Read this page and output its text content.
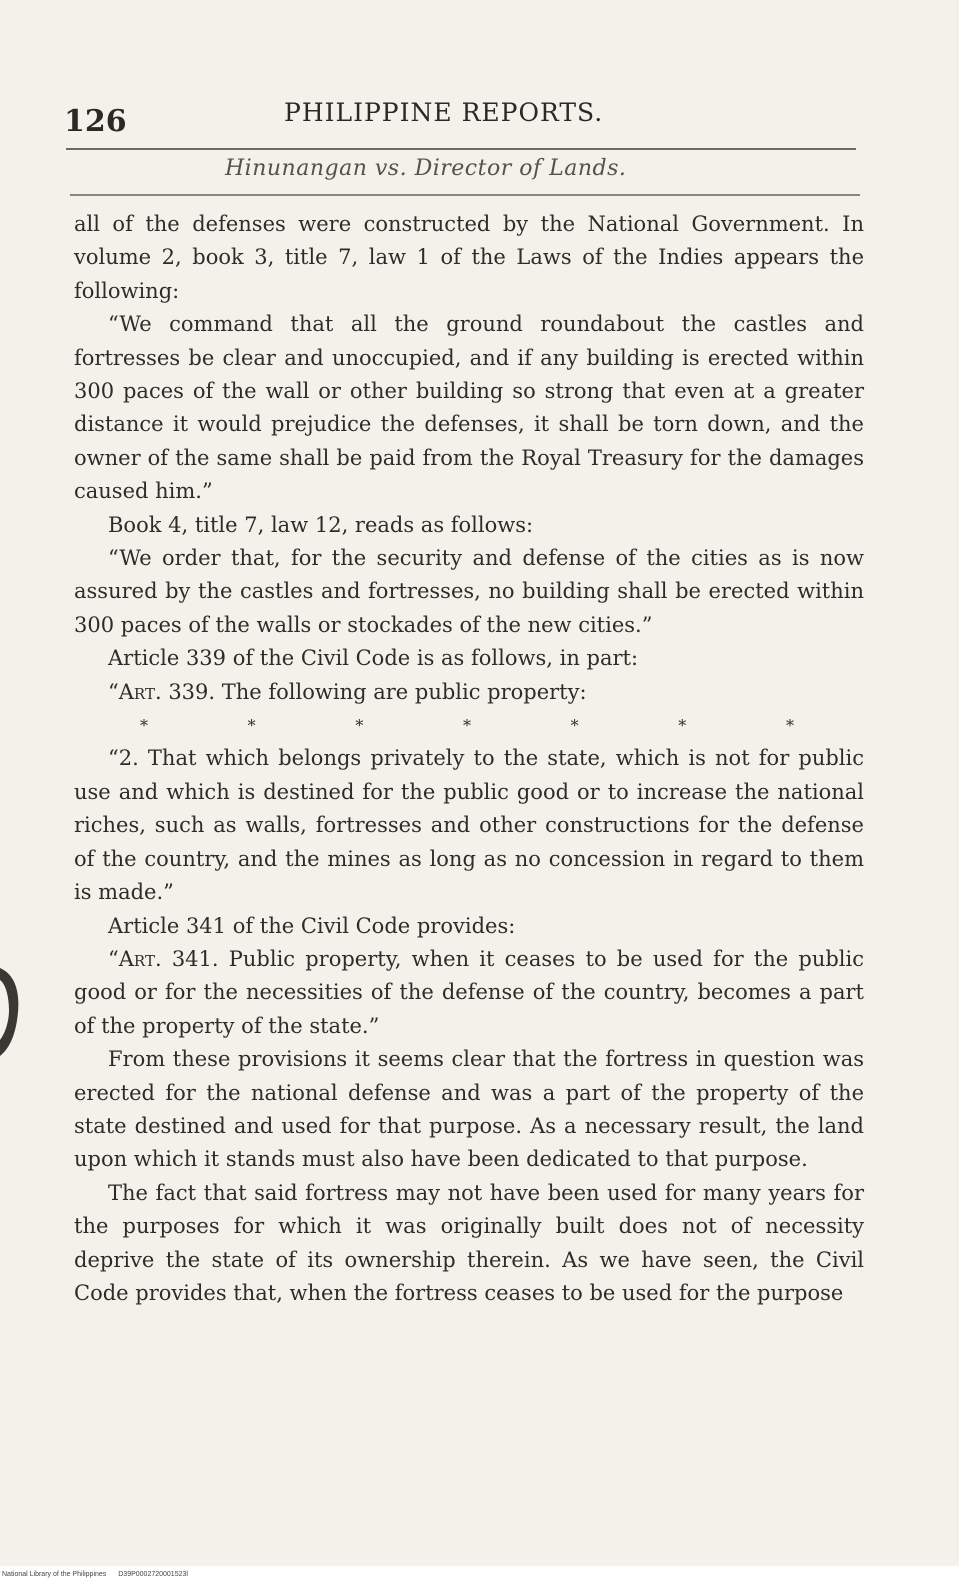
126	PHILIPPINE REPORTS.
Hinunangan vs. Director of Lands.

all of the defenses were constructed by the National Government. In volume 2, book 3, title 7, law 1 of the Laws of the Indies appears the following:

“We command that all the ground roundabout the castles and fortresses be clear and unoccupied, and if any building is erected within 300 paces of the wall or other building so strong that even at a greater distance it would prejudice the defenses, it shall be torn down, and the owner of the same shall be paid from the Royal Treasury for the damages caused him.”

Book 4, title 7, law 12, reads as follows:

“We order that, for the security and defense of the cities as is now assured by the castles and fortresses, no building shall be erected within 300 paces of the walls or stockades of the new cities.”

Article 339 of the Civil Code is as follows, in part:

“Art. 339. The following are public property:

*	*	*	*	*	*	*

“2. That which belongs privately to the state, which is not for public use and which is destined for the public good or to increase the national riches, such as walls, fortresses and other constructions for the defense of the country, and the mines as long as no concession in regard to them is made.”

Article 341 of the Civil Code provides:

“Art. 341. Public property, when it ceases to be used for the public good or for the necessities of the defense of the country, becomes a part of the property of the state.”

From these provisions it seems clear that the fortress in question was erected for the national defense and was a part of the property of the state destined and used for that purpose. As a necessary result, the land upon which it stands must also have been dedicated to that purpose.

The fact that said fortress may not have been used for many years for the purposes for which it was originally built does not of necessity deprive the state of its ownership therein. As we have seen, the Civil Code provides that, when the fortress ceases to be used for the purpose

National Library of the Philippines D39P0002720001523l
